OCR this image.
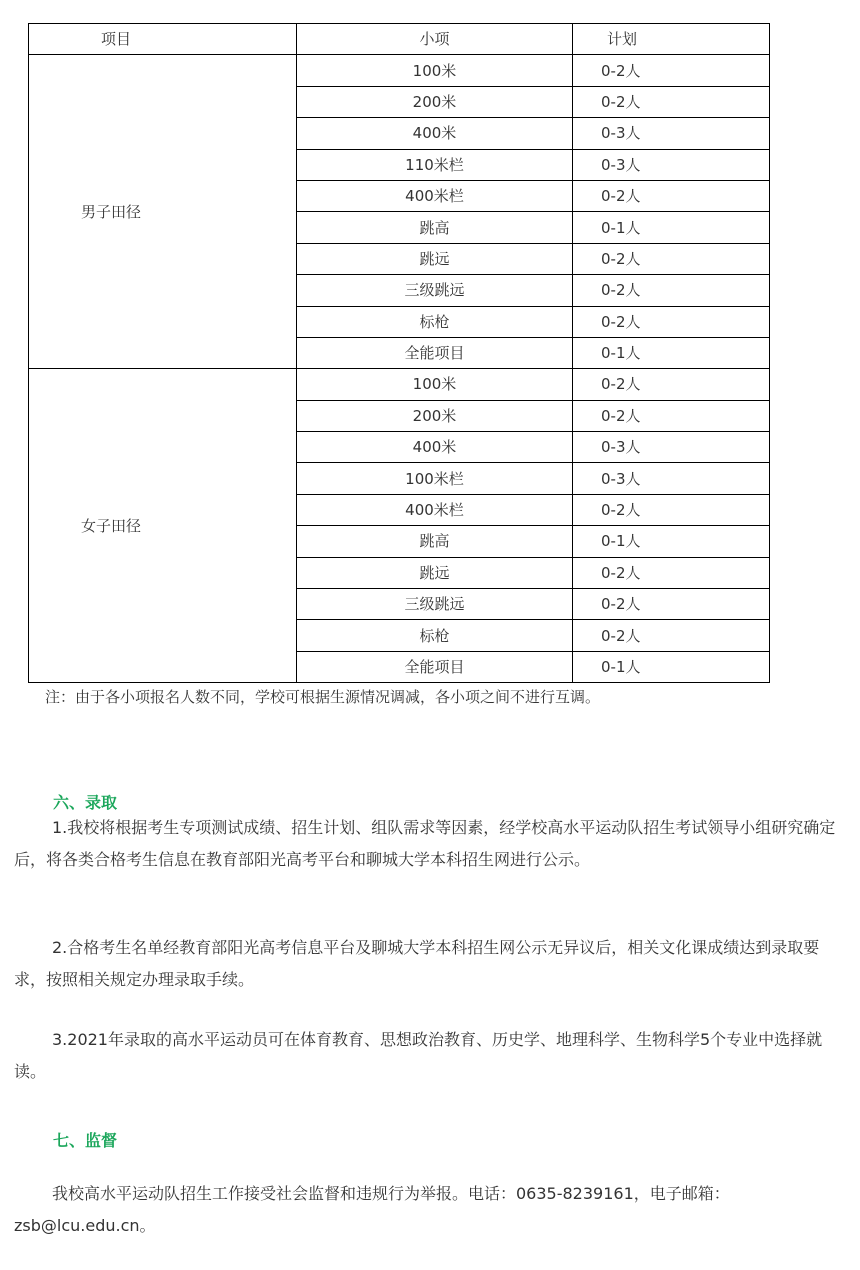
项目	小项	计划
男子田径	100米	0-2人
	200米	0-2人
	400米	0-3人
	110米栏	0-3人
	400米栏	0-2人
	跳高	0-1人
	跳远	0-2人
	三级跳远	0-2人
	标枪	0-2人
	全能项目	0-1人
女子田径	100米	0-2人
	200米	0-2人
	400米	0-3人
	100米栏	0-3人
	400米栏	0-2人
	跳高	0-1人
	跳远	0-2人
	三级跳远	0-2人
	标枪	0-2人
	全能项目	0-1人
注：由于各小项报名人数不同，学校可根据生源情况调减，各小项之间不进行互调。
六、录取

1.我校将根据考生专项测试成绩、招生计划、组队需求等因素，经学校高水平运动队招生考试领导小组研究确定后，将各类合格考生信息在教育部阳光高考平台和聊城大学本科招生网进行公示。

2.合格考生名单经教育部阳光高考信息平台及聊城大学本科招生网公示无异议后，相关文化课成绩达到录取要求，按照相关规定办理录取手续。

3.2021年录取的高水平运动员可在体育教育、思想政治教育、历史学、地理科学、生物科学5个专业中选择就读。

七、监督

我校高水平运动队招生工作接受社会监督和违规行为举报。电话：0635-8239161，电子邮箱：zsb@lcu.edu.cn。
